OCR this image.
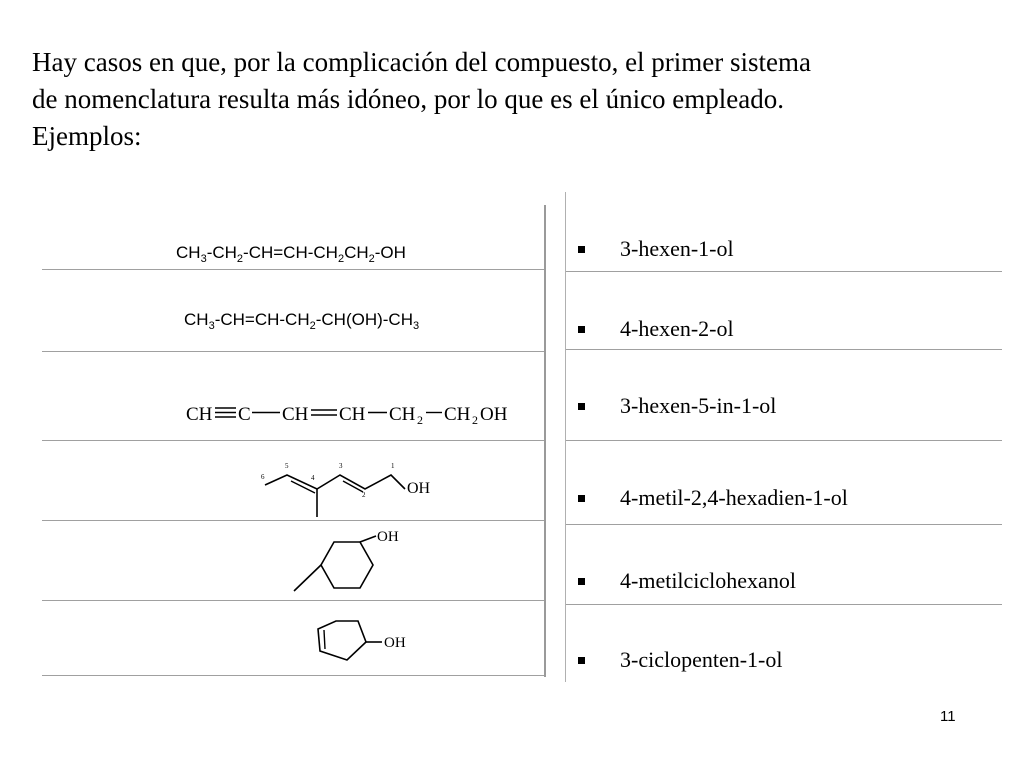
Hay casos en que, por la complicación del compuesto, el primer sistema
de nomenclatura resulta más idóneo, por lo que es el único empleado.
Ejemplos:
$CH_3-CH_2-CH=CH-CH_2CH_2-OH$
$CH_3-CH=CH-CH_2-CH(OH)-CH_3$
CH C CH CH CH 2 CH 2 OH
OH
6
5
4
3
2
1
OH
OH
3-hexen-1-ol
4-hexen-2-ol
3-hexen-5-in-1-ol
4-metil-2,4-hexadien-1-ol
4-metilciclohexanol
3-ciclopenten-1-ol
11
